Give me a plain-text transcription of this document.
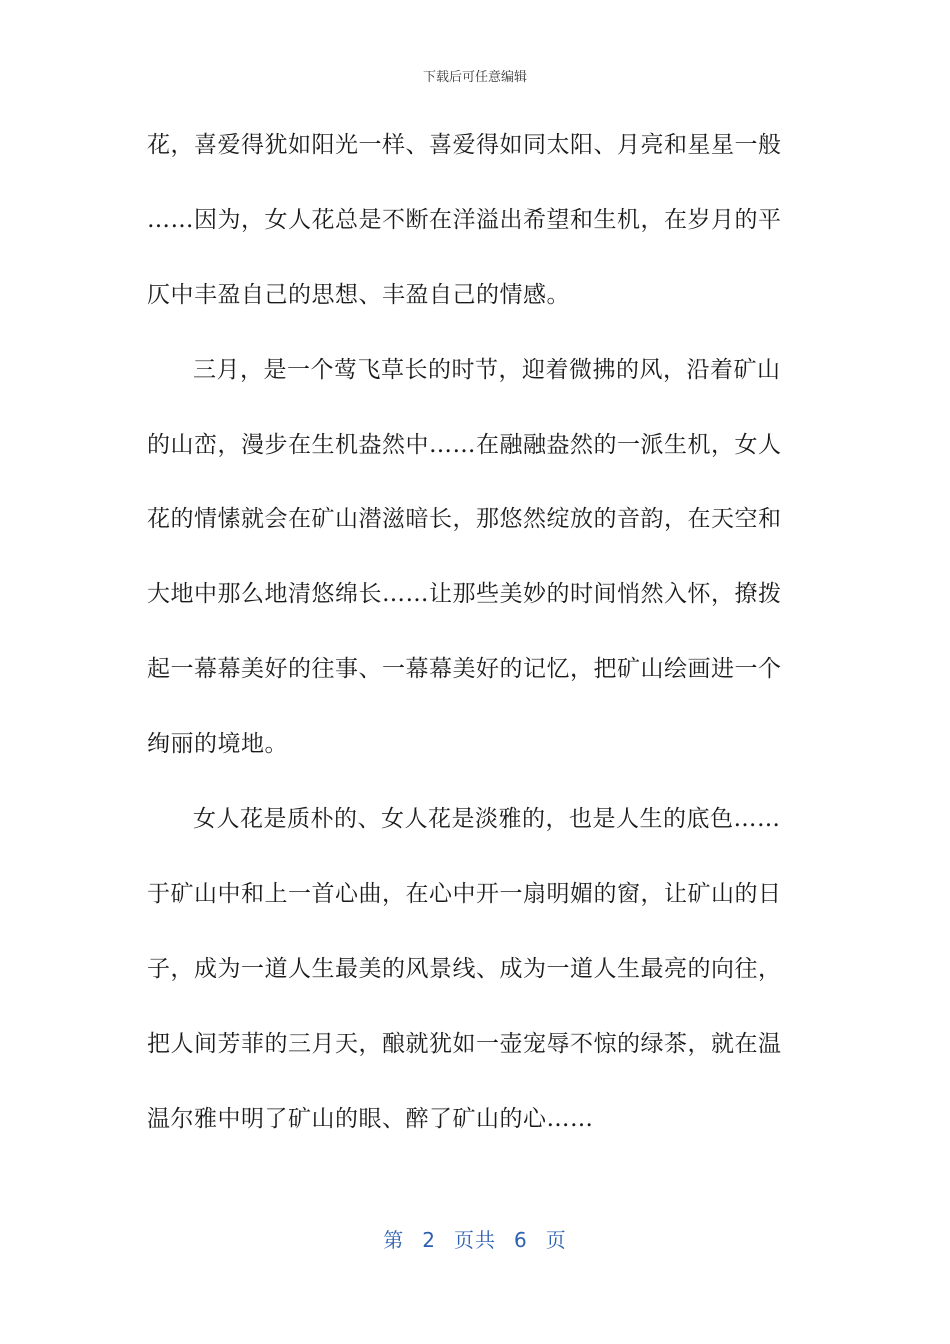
下载后可任意编辑
花，喜爱得犹如阳光一样、喜爱得如同太阳、月亮和星星一般
……因为，女人花总是不断在洋溢出希望和生机，在岁月的平
仄中丰盈自己的思想、丰盈自己的情感。
三月，是一个莺飞草长的时节，迎着微拂的风，沿着矿山
的山峦，漫步在生机盎然中……在融融盎然的一派生机，女人
花的情愫就会在矿山潜滋暗长，那悠然绽放的音韵，在天空和
大地中那么地清悠绵长……让那些美妙的时间悄然入怀，撩拨
起一幕幕美好的往事、一幕幕美好的记忆，把矿山绘画进一个
绚丽的境地。
女人花是质朴的、女人花是淡雅的，也是人生的底色……
于矿山中和上一首心曲，在心中开一扇明媚的窗，让矿山的日
子，成为一道人生最美的风景线、成为一道人生最亮的向往，
把人间芳菲的三月天，酿就犹如一壶宠辱不惊的绿茶，就在温
温尔雅中明了矿山的眼、醉了矿山的心……
第 2 页共 6 页
